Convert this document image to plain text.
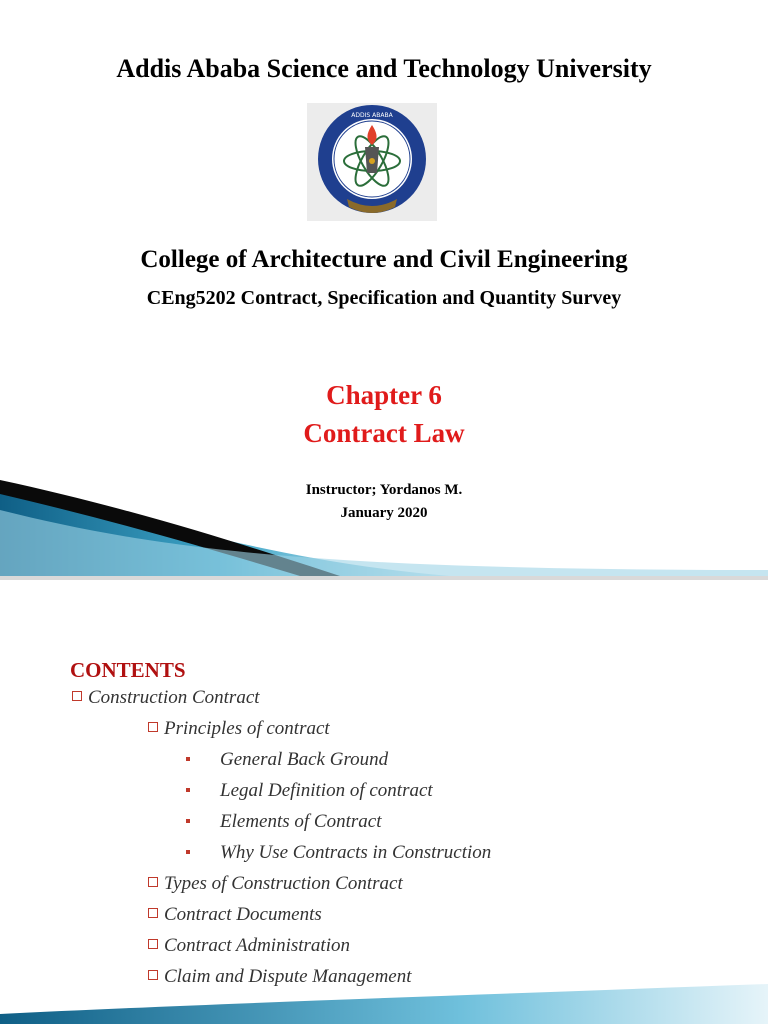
Addis Ababa Science and Technology University
ADDIS ABABA
College of Architecture and Civil Engineering
CEng5202 Contract, Specification and Quantity Survey
Chapter 6
Contract Law
Instructor; Yordanos M.
January 2020
CONTENTS
Construction Contract
Principles of contract
General Back Ground
Legal Definition of contract
Elements of Contract
Why Use Contracts in Construction
Types of Construction Contract
Contract Documents
Contract Administration
Claim and Dispute Management
